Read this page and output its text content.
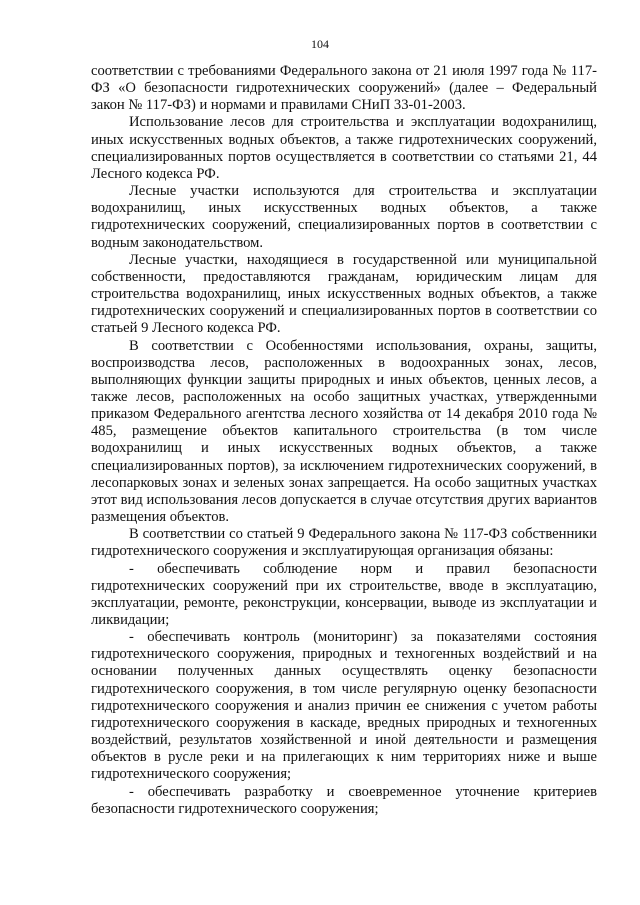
104

соответствии с требованиями Федерального закона от 21 июля 1997 года № 117-ФЗ «О безопасности гидротехнических сооружений» (далее – Федеральный закон № 117-ФЗ) и нормами и правилами СНиП 33-01-2003.

Использование лесов для строительства и эксплуатации водохранилищ, иных искусственных водных объектов, а также гидротехнических сооружений, специализированных портов осуществляется в соответствии со статьями 21, 44 Лесного кодекса РФ.

Лесные участки используются для строительства и эксплуатации водохранилищ, иных искусственных водных объектов, а также гидротехнических сооружений, специализированных портов в соответствии с водным законодательством.

Лесные участки, находящиеся в государственной или муниципальной собственности, предоставляются гражданам, юридическим лицам для строительства водохранилищ, иных искусственных водных объектов, а также гидротехнических сооружений и специализированных портов в соответствии со статьей 9 Лесного кодекса РФ.

В соответствии с Особенностями использования, охраны, защиты, воспроизводства лесов, расположенных в водоохранных зонах, лесов, выполняющих функции защиты природных и иных объектов, ценных лесов, а также лесов, расположенных на особо защитных участках, утвержденными приказом Федерального агентства лесного хозяйства от 14 декабря 2010 года № 485, размещение объектов капитального строительства (в том числе водохранилищ и иных искусственных водных объектов, а также специализированных портов), за исключением гидротехнических сооружений, в лесопарковых зонах и зеленых зонах запрещается. На особо защитных участках этот вид использования лесов допускается в случае отсутствия других вариантов размещения объектов.

В соответствии со статьей 9 Федерального закона № 117-ФЗ собственники гидротехнического сооружения и эксплуатирующая организация обязаны:

- обеспечивать соблюдение норм и правил безопасности гидротехнических сооружений при их строительстве, вводе в эксплуатацию, эксплуатации, ремонте, реконструкции, консервации, выводе из эксплуатации и ликвидации;

- обеспечивать контроль (мониторинг) за показателями состояния гидротехнического сооружения, природных и техногенных воздействий и на основании полученных данных осуществлять оценку безопасности гидротехнического сооружения, в том числе регулярную оценку безопасности гидротехнического сооружения и анализ причин ее снижения с учетом работы гидротехнического сооружения в каскаде, вредных природных и техногенных воздействий, результатов хозяйственной и иной деятельности и размещения объектов в русле реки и на прилегающих к ним территориях ниже и выше гидротехнического сооружения;

- обеспечивать разработку и своевременное уточнение критериев безопасности гидротехнического сооружения;
